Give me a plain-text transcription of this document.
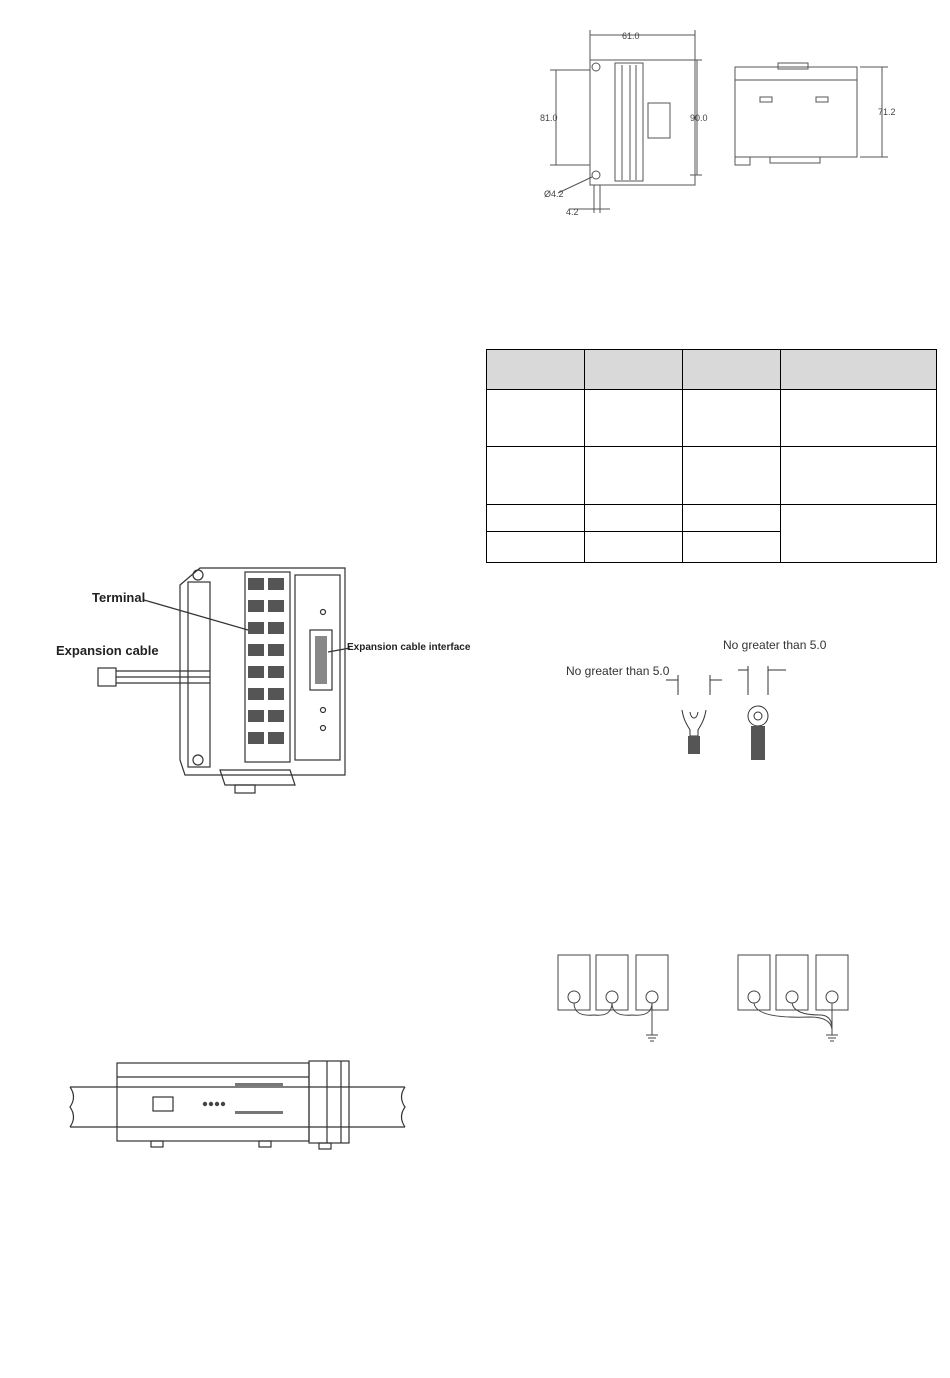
61.0
81.0	90.0
Ø4.2
4.2
71.2

Terminal
Expansion cable	Expansion cable interface
No greater than 5.0
No greater than 5.0
